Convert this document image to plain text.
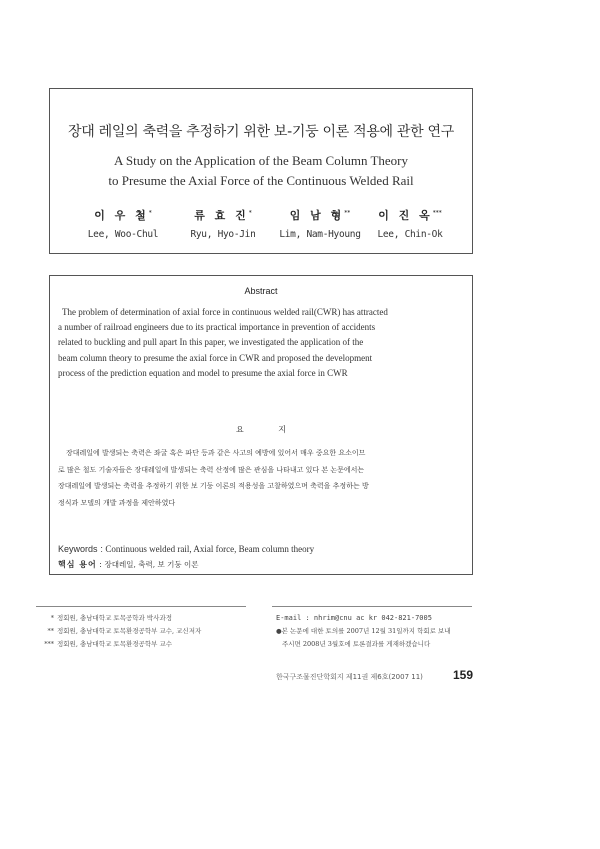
장대 레일의 축력을 추정하기 위한 보-기둥 이론 적용에 관한 연구
A Study on the Application of the Beam Column Theory
to Presume the Axial Force of the Continuous Welded Rail
이 우 철*
Lee, Woo-Chul
류 효 진*
Ryu, Hyo-Jin
임 남 형**
Lim, Nam-Hyoung
이 진 옥***
Lee, Chin-Ok
Abstract
The problem of determination of axial force in continuous welded rail(CWR) has attracted
a number of railroad engineers due to its practical importance in prevention of accidents
related to buckling and pull apart In this paper, we investigated the application of the
beam column theory to presume the axial force in CWR and proposed the development
process of the prediction equation and model to presume the axial force in CWR
요 지
장대레일에 발생되는 축력은 좌굴 혹은 파단 등과 같은 사고의 예방에 있어서 매우 중요한 요소이므
로 많은 철도 기술자들은 장대레일에 발생되는 축력 산정에 많은 관심을 나타내고 있다 본 논문에서는
장대레일에 발생되는 축력을 추정하기 위한 보 기둥 이론의 적용성을 고찰하였으며 축력을 추정하는 방
정식과 모델의 개발 과정을 제안하였다
Keywords : Continuous welded rail, Axial force, Beam column theory
핵심 용어 : 장대레일, 축력, 보 기둥 이론
* 정회원, 충남대학교 토목공학과 박사과정
** 정회원, 충남대학교 토목환경공학부 교수, 교신저자
*** 정회원, 충남대학교 토목환경공학부 교수
E-mail : nhrim@cnu ac kr 042-821-7005
●본 논문에 대한 토의를 2007년 12월 31일까지 학회로 보내
주시면 2008년 3월호에 토론결과를 게재하겠습니다
한국구조물진단학회지 제11권 제6호(2007 11)	159
